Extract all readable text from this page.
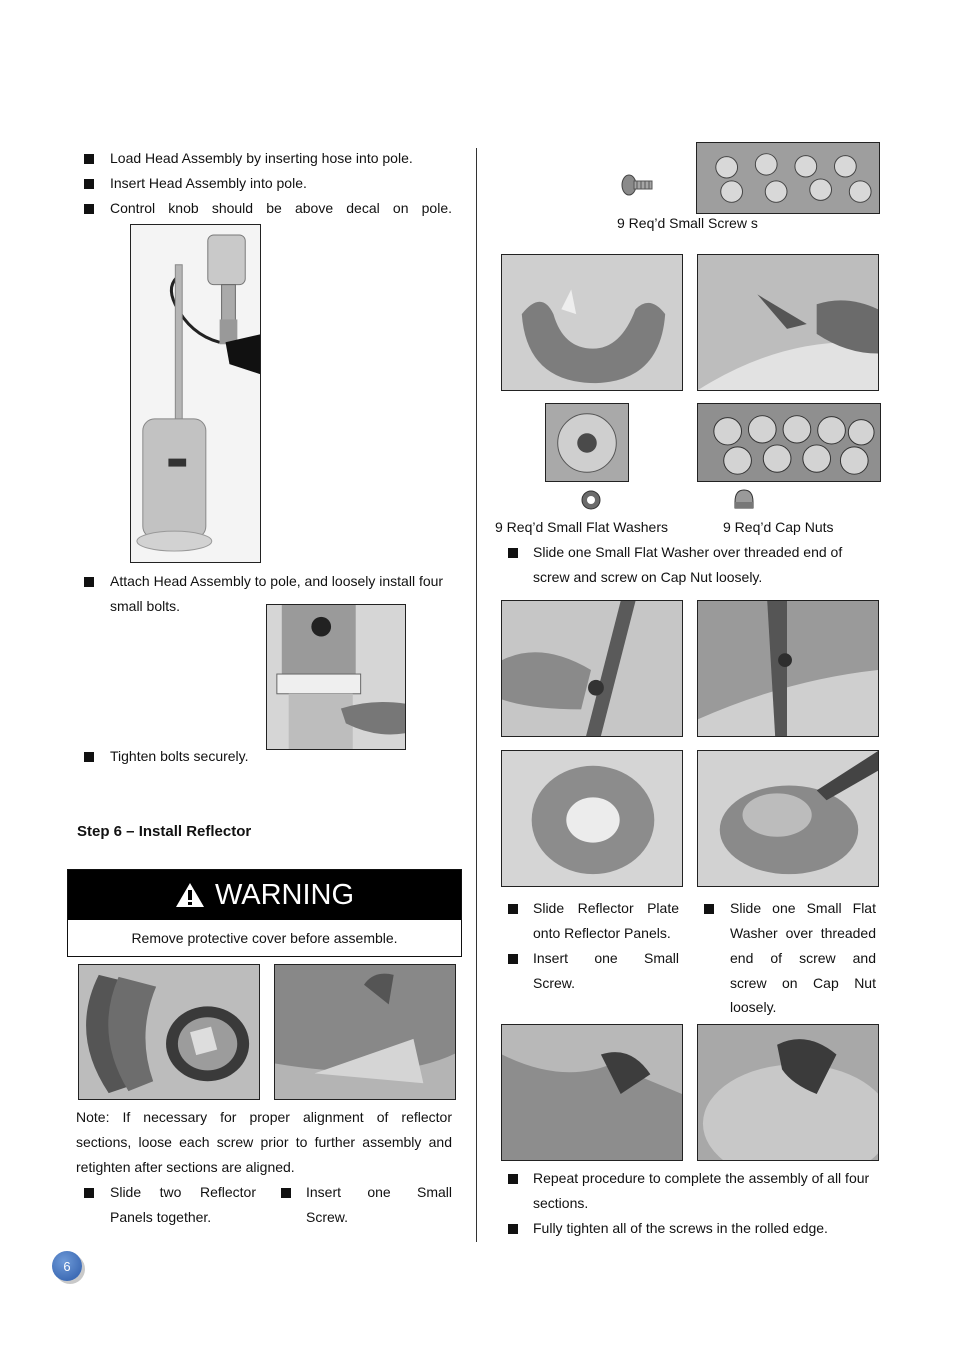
Load Head Assembly by inserting hose into pole.
Insert Head Assembly into pole.
Control knob should be above decal on pole.
Attach Head Assembly to pole, and loosely install four
small bolts.
Tighten bolts securely.
Step 6 – Install Reflector
WARNING
Remove protective cover before assemble.
Note: If necessary for proper alignment of reflector
sections, loose each screw prior to further assembly and
retighten after sections are aligned.
Slide two Reflector
Panels together.
Insert one Small
Screw.
9 Req’d Small Screw s
9 Req’d Small Flat Washers	9 Req’d Cap Nuts
Slide one Small Flat Washer over threaded end of
screw and screw on Cap Nut loosely.
Slide Reflector Plate
onto Reflector Panels.
Insert one Small
Screw.
Slide one Small Flat
Washer over threaded
end of screw and
screw on Cap Nut
loosely.
Repeat procedure to complete the assembly of all four
sections.
Fully tighten all of the screws in the rolled edge.
6
